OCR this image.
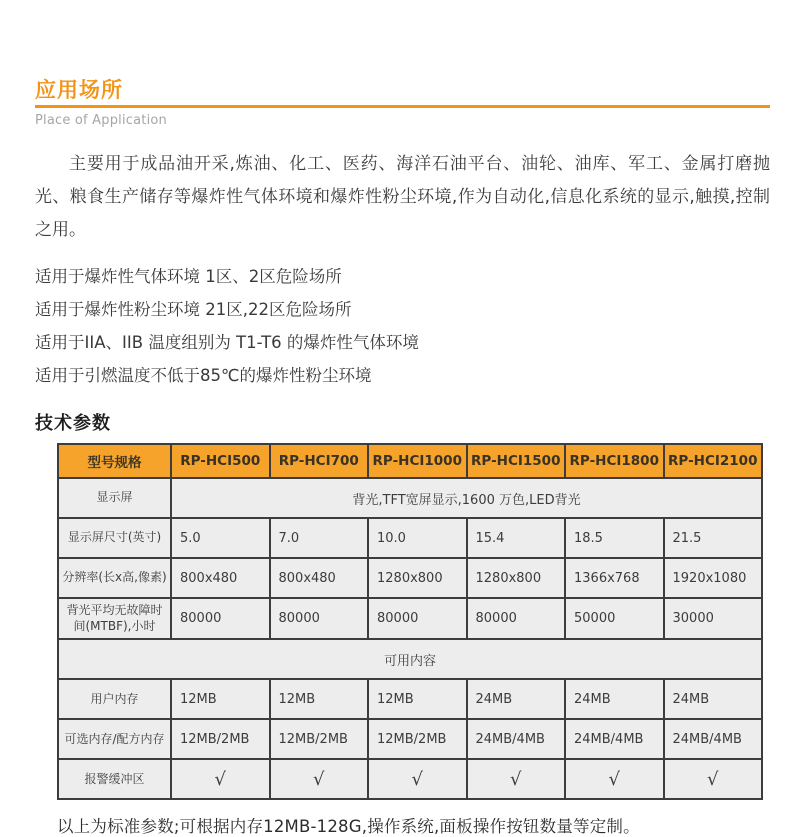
应用场所
Place of Application
主要用于成品油开采,炼油、化工、医药、海洋石油平台、油轮、油库、军工、金属打磨抛光、粮食生产储存等爆炸性气体环境和爆炸性粉尘环境,作为自动化,信息化系统的显示,触摸,控制之用。
适用于爆炸性气体环境 1区、2区危险场所
适用于爆炸性粉尘环境 21区,22区危险场所
适用于IIA、IIB 温度组别为 T1-T6 的爆炸性气体环境
适用于引燃温度不低于85℃的爆炸性粉尘环境
技术参数
型号规格	RP-HCI500	RP-HCI700	RP-HCI1000	RP-HCI1500	RP-HCI1800	RP-HCI2100
显示屏	背光,TFT宽屏显示,1600 万色,LED背光					
显示屏尺寸(英寸)	5.0	7.0	10.0	15.4	18.5	21.5
分辨率(长x高,像素)	800x480	800x480	1280x800	1280x800	1366x768	1920x1080
背光平均无故障时间(MTBF),小时	80000	80000	80000	80000	50000	30000
可用内容						
用户内存	12MB	12MB	12MB	24MB	24MB	24MB
可选内存/配方内存	12MB/2MB	12MB/2MB	12MB/2MB	24MB/4MB	24MB/4MB	24MB/4MB
报警缓冲区	√	√	√	√	√	√
以上为标准参数;可根据内存12MB-128G,操作系统,面板操作按钮数量等定制。
